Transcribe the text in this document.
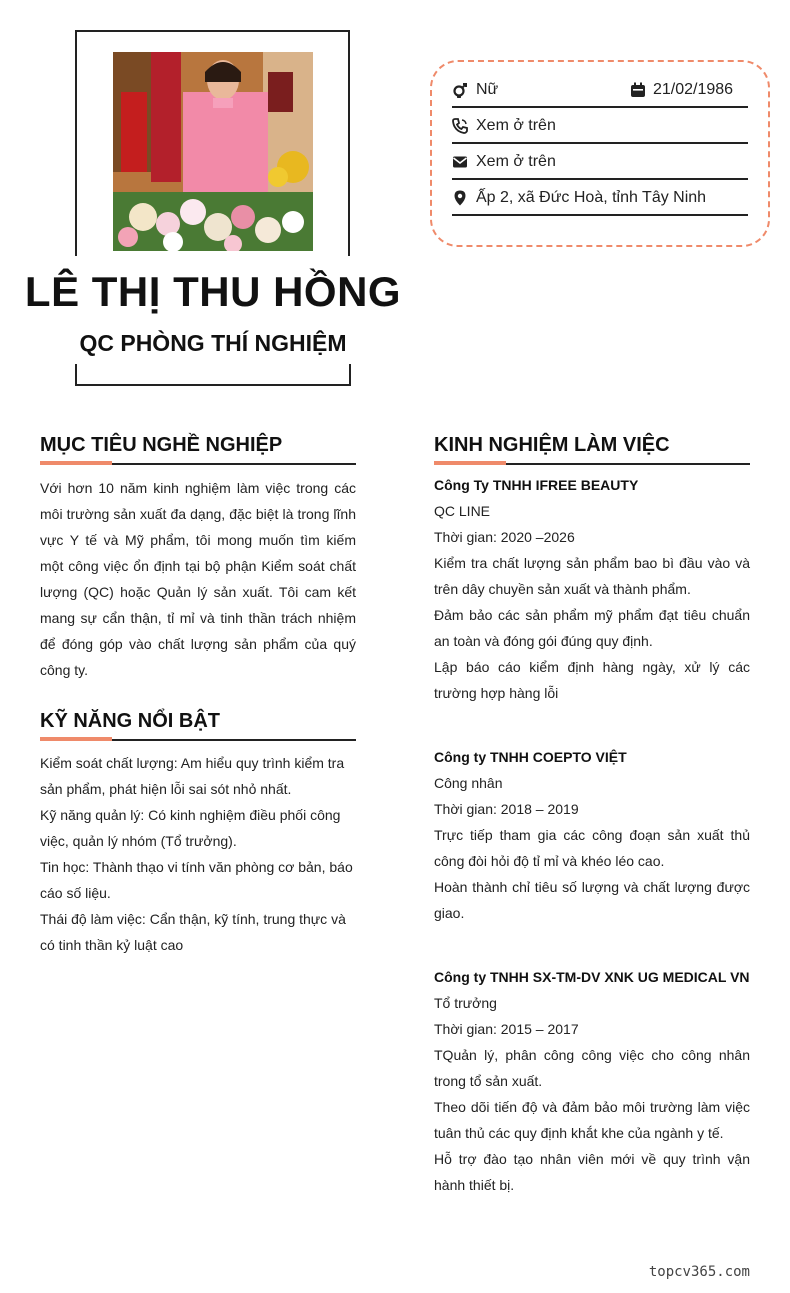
LÊ THỊ THU HỒNG
QC PHÒNG THÍ NGHIỆM
Nữ	21/02/1986
Xem ở trên
Xem ở trên
Ấp 2, xã Đức Hoà, tỉnh Tây Ninh
MỤC TIÊU NGHỀ NGHIỆP

Với hơn 10 năm kinh nghiệm làm việc trong các môi trường sản xuất đa dạng, đặc biệt là trong lĩnh vực Y tế và Mỹ phẩm, tôi mong muốn tìm kiếm một công việc ổn định tại bộ phận Kiểm soát chất lượng (QC) hoặc Quản lý sản xuất. Tôi cam kết mang sự cẩn thận, tỉ mỉ và tinh thần trách nhiệm để đóng góp vào chất lượng sản phẩm của quý công ty.

KỸ NĂNG NỔI BẬT

Kiểm soát chất lượng: Am hiểu quy trình kiểm tra sản phẩm, phát hiện lỗi sai sót nhỏ nhất.

Kỹ năng quản lý: Có kinh nghiệm điều phối công việc, quản lý nhóm (Tổ trưởng).

Tin học: Thành thạo vi tính văn phòng cơ bản, báo cáo số liệu.

Thái độ làm việc: Cẩn thận, kỹ tính, trung thực và có tinh thần kỷ luật cao

KINH NGHIỆM LÀM VIỆC
Công Ty TNHH IFREE BEAUTY
QC LINE
Thời gian: 2020 –2026

Kiểm tra chất lượng sản phẩm bao bì đầu vào và trên dây chuyền sản xuất và thành phẩm.

Đảm bảo các sản phẩm mỹ phẩm đạt tiêu chuẩn an toàn và đóng gói đúng quy định.

Lập báo cáo kiểm định hàng ngày, xử lý các trường hợp hàng lỗi

Công ty TNHH COEPTO VIỆT
Công nhân
Thời gian: 2018 – 2019

Trực tiếp tham gia các công đoạn sản xuất thủ công đòi hỏi độ tỉ mỉ và khéo léo cao.

Hoàn thành chỉ tiêu số lượng và chất lượng được giao.

Công ty TNHH SX-TM-DV XNK UG MEDICAL VN
Tổ trưởng
Thời gian: 2015 – 2017

TQuản lý, phân công công việc cho công nhân trong tổ sản xuất.

Theo dõi tiến độ và đảm bảo môi trường làm việc tuân thủ các quy định khắt khe của ngành y tế.

Hỗ trợ đào tạo nhân viên mới về quy trình vận hành thiết bị.

topcv365.com
